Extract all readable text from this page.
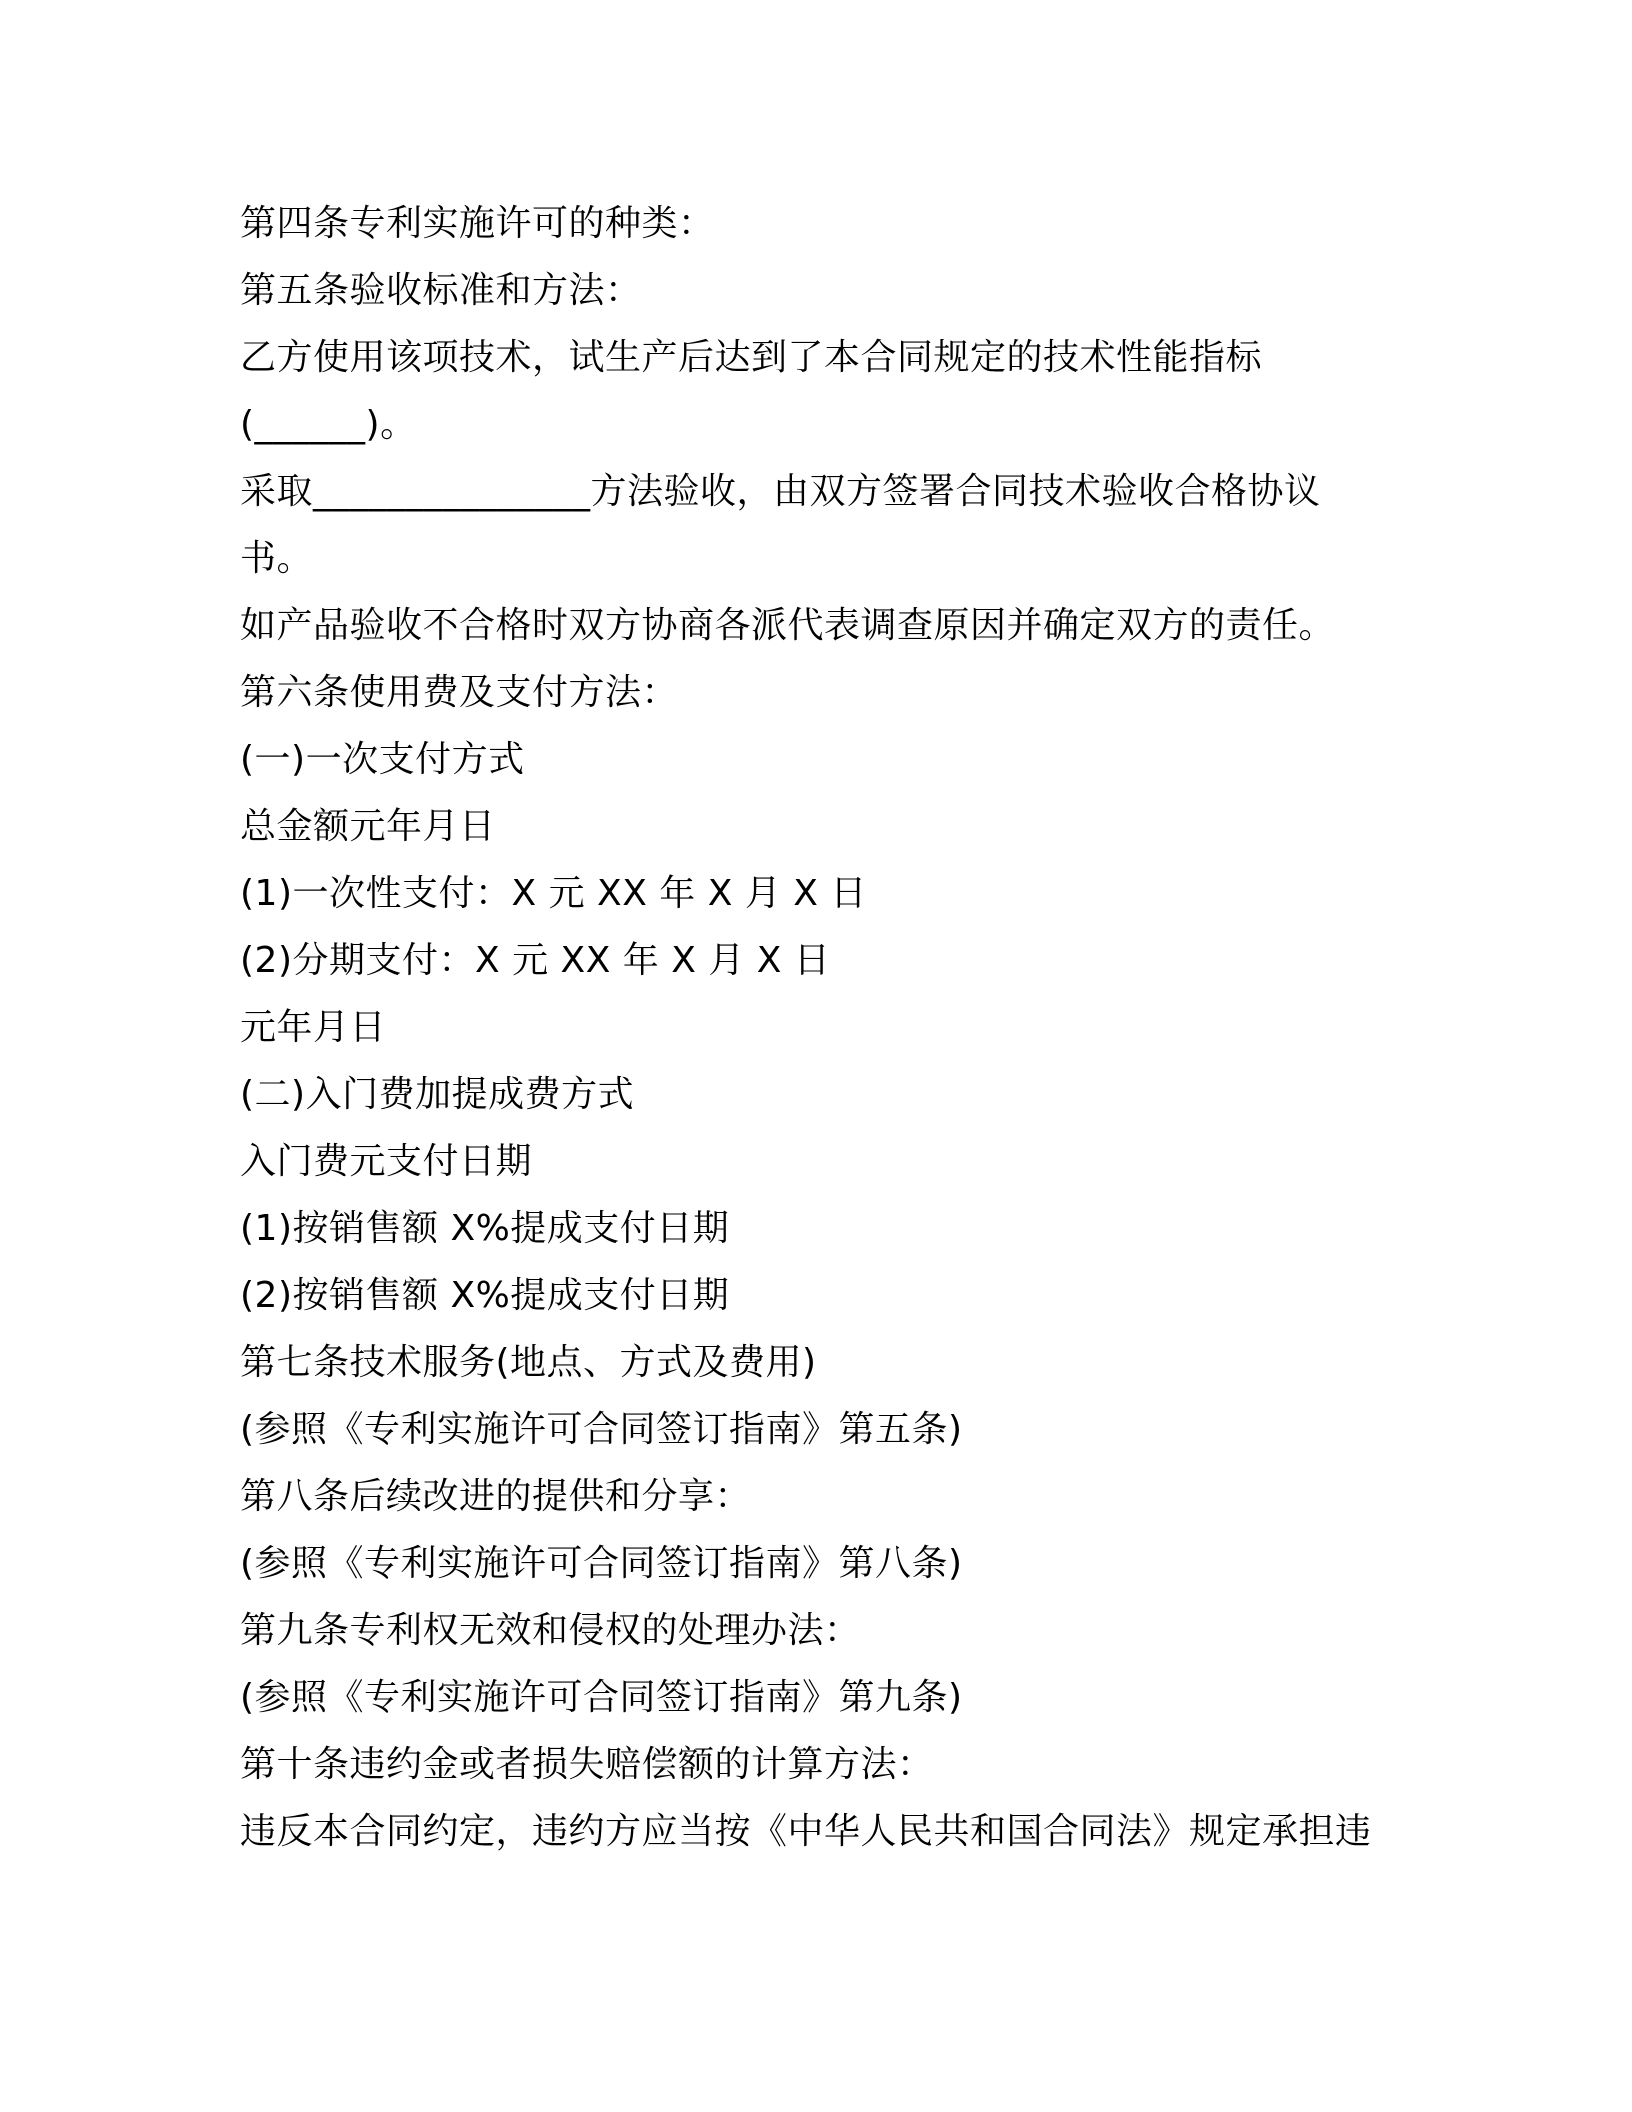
第四条专利实施许可的种类：
第五条验收标准和方法：
乙方使用该项技术，试生产后达到了本合同规定的技术性能指标
(______)。
采取_______________方法验收，由双方签署合同技术验收合格协议
书。
如产品验收不合格时双方协商各派代表调查原因并确定双方的责任。
第六条使用费及支付方法：
(一)一次支付方式
总金额元年月日
(1)一次性支付：X 元 XX 年 X 月 X 日
(2)分期支付：X 元 XX 年 X 月 X 日
元年月日
(二)入门费加提成费方式
入门费元支付日期
(1)按销售额 X%提成支付日期
(2)按销售额 X%提成支付日期
第七条技术服务(地点、方式及费用)
(参照《专利实施许可合同签订指南》第五条)
第八条后续改进的提供和分享：
(参照《专利实施许可合同签订指南》第八条)
第九条专利权无效和侵权的处理办法：
(参照《专利实施许可合同签订指南》第九条)
第十条违约金或者损失赔偿额的计算方法：
违反本合同约定，违约方应当按《中华人民共和国合同法》规定承担违
